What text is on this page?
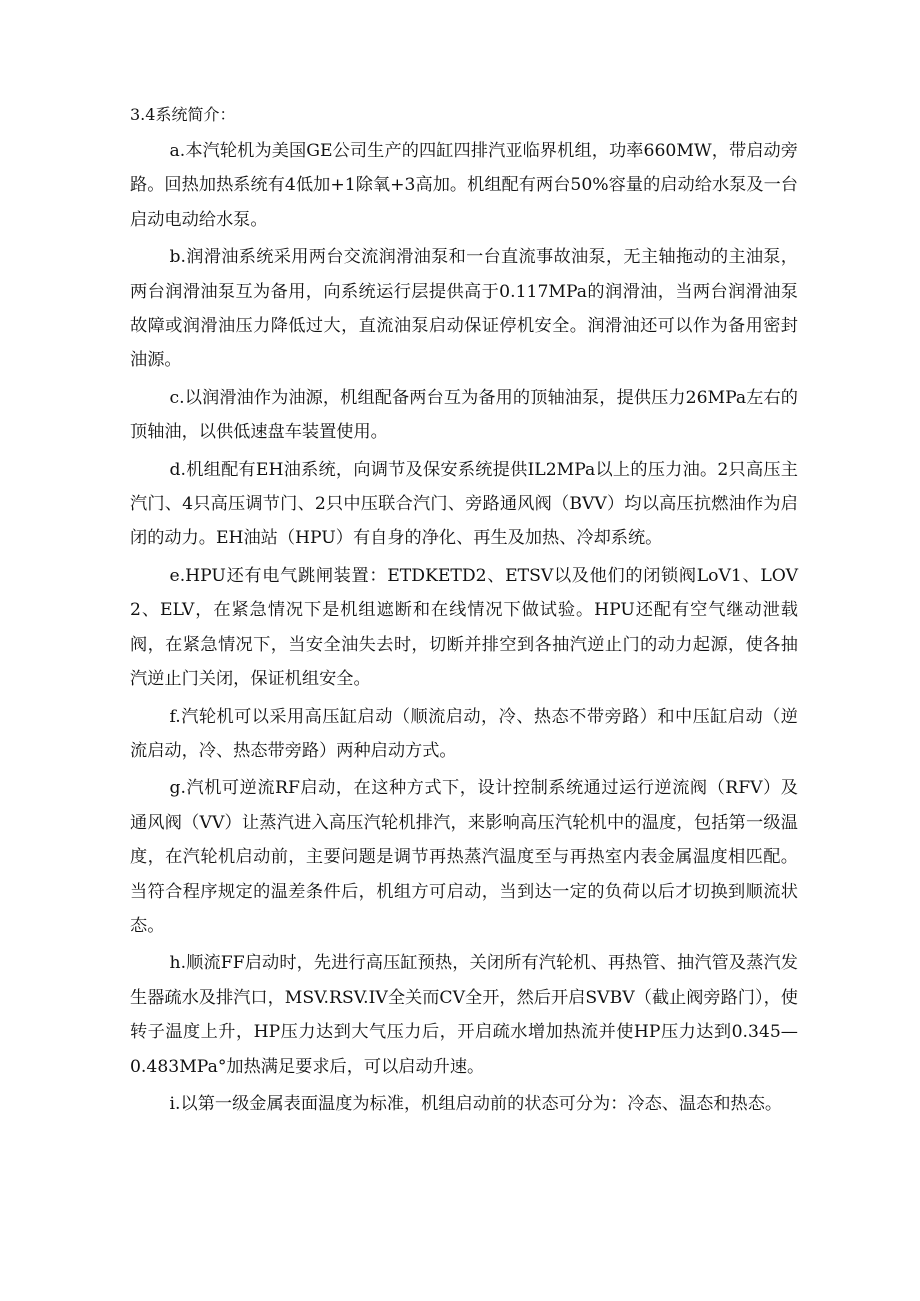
3.4系统简介：

a.本汽轮机为美国GE公司生产的四缸四排汽亚临界机组，功率660MW，带启动旁路。回热加热系统有4低加+1除氧+3高加。机组配有两台50%容量的启动给水泵及一台启动电动给水泵。

b.润滑油系统采用两台交流润滑油泵和一台直流事故油泵，无主轴拖动的主油泵，两台润滑油泵互为备用，向系统运行层提供高于0.117MPa的润滑油，当两台润滑油泵故障或润滑油压力降低过大，直流油泵启动保证停机安全。润滑油还可以作为备用密封油源。

c.以润滑油作为油源，机组配备两台互为备用的顶轴油泵，提供压力26MPa左右的顶轴油，以供低速盘车装置使用。

d.机组配有EH油系统，向调节及保安系统提供IL2MPa以上的压力油。2只高压主汽门、4只高压调节门、2只中压联合汽门、旁路通风阀（BVV）均以高压抗燃油作为启闭的动力。EH油站（HPU）有自身的净化、再生及加热、冷却系统。

e.HPU还有电气跳闸装置：ETDKETD2、ETSV以及他们的闭锁阀LoV1、LOV2、ELV，在紧急情况下是机组遮断和在线情况下做试验。HPU还配有空气继动泄载阀，在紧急情况下，当安全油失去时，切断并排空到各抽汽逆止门的动力起源，使各抽汽逆止门关闭，保证机组安全。

f.汽轮机可以采用高压缸启动（顺流启动，冷、热态不带旁路）和中压缸启动（逆流启动，冷、热态带旁路）两种启动方式。

g.汽机可逆流RF启动，在这种方式下，设计控制系统通过运行逆流阀（RFV）及通风阀（VV）让蒸汽进入高压汽轮机排汽，来影响高压汽轮机中的温度，包括第一级温度，在汽轮机启动前，主要问题是调节再热蒸汽温度至与再热室内表金属温度相匹配。当符合程序规定的温差条件后，机组方可启动，当到达一定的负荷以后才切换到顺流状态。

h.顺流FF启动时，先进行高压缸预热，关闭所有汽轮机、再热管、抽汽管及蒸汽发生器疏水及排汽口，MSV.RSV.IV全关而CV全开，然后开启SVBV（截止阀旁路门），使转子温度上升，HP压力达到大气压力后，开启疏水增加热流并使HP压力达到0.345—0.483MPa°加热满足要求后，可以启动升速。

i.以第一级金属表面温度为标准，机组启动前的状态可分为：冷态、温态和热态。
